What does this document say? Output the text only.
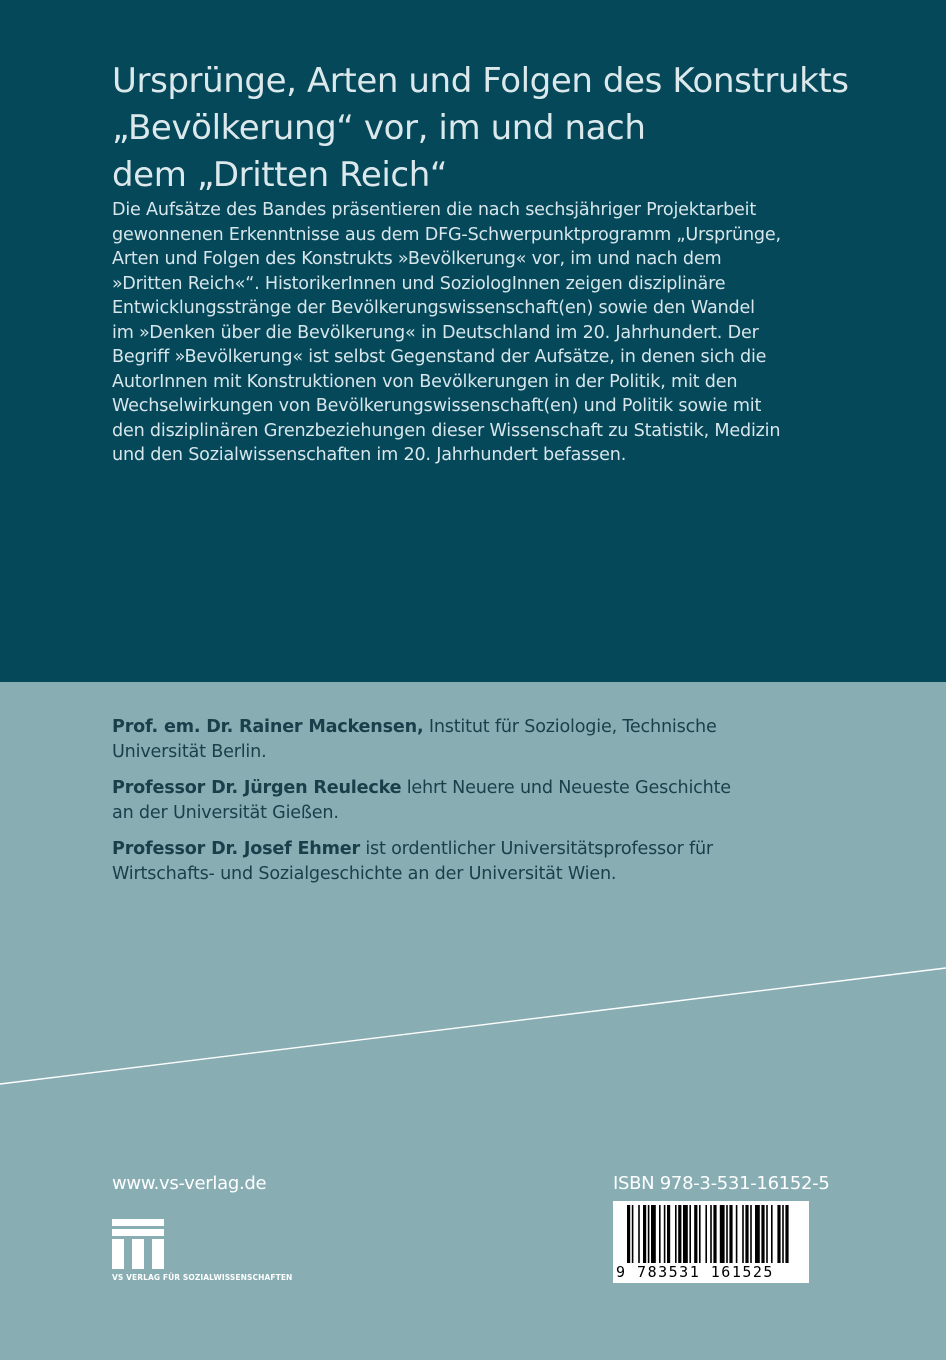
Ursprünge, Arten und Folgen des Konstrukts
„Bevölkerung“ vor, im und nach
dem „Dritten Reich“

Die Aufsätze des Bandes präsentieren die nach sechsjähriger Projektarbeit
gewonnenen Erkenntnisse aus dem DFG-Schwerpunktprogramm „Ursprünge,
Arten und Folgen des Konstrukts »Bevölkerung« vor, im und nach dem
»Dritten Reich«“. HistorikerInnen und SoziologInnen zeigen disziplinäre
Entwicklungsstränge der Bevölkerungswissenschaft(en) sowie den Wandel
im »Denken über die Bevölkerung« in Deutschland im 20. Jahrhundert. Der
Begriff »Bevölkerung« ist selbst Gegenstand der Aufsätze, in denen sich die
AutorInnen mit Konstruktionen von Bevölkerungen in der Politik, mit den
Wechselwirkungen von Bevölkerungswissenschaft(en) und Politik sowie mit
den disziplinären Grenzbeziehungen dieser Wissenschaft zu Statistik, Medizin
und den Sozialwissenschaften im 20. Jahrhundert befassen.

Prof. em. Dr. Rainer Mackensen, Institut für Soziologie, Technische
Universität Berlin.

Professor Dr. Jürgen Reulecke lehrt Neuere und Neueste Geschichte
an der Universität Gießen.

Professor Dr. Josef Ehmer ist ordentlicher Universitätsprofessor für
Wirtschafts- und Sozialgeschichte an der Universität Wien.

www.vs-verlag.de
VS VERLAG FÜR SOZIALWISSENSCHAFTEN
ISBN 978-3-531-16152-5
9 783531 161525
